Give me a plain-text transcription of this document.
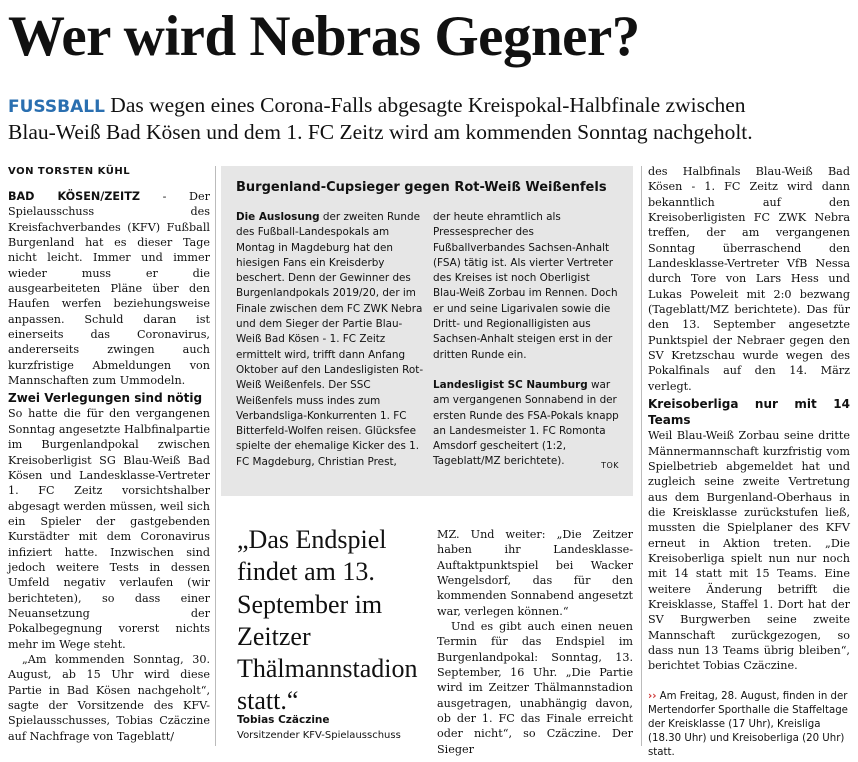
Wer wird Nebras Gegner?

FUSSBALL Das wegen eines Corona-Falls abgesagte Kreispokal-Halbfinale zwischen

Blau-Weiß Bad Kösen und dem 1. FC Zeitz wird am kommenden Sonntag nachgeholt.

VON TORSTEN KÜHL

BAD KÖSEN/ZEITZ - Der Spielausschuss des Kreisfachverbandes (KFV) Fußball Burgenland hat es dieser Tage nicht leicht. Immer und immer wieder muss er die ausgearbeiteten Pläne über den Haufen werfen beziehungsweise anpassen. Schuld daran ist einerseits das Coronavirus, andererseits zwingen auch kurzfristige Abmeldungen von Mannschaften zum Ummodeln.

Zwei Verlegungen sind nötig

So hatte die für den vergangenen Sonntag angesetzte Halbfinalpartie im Burgenlandpokal zwischen Kreisoberligist SG Blau-Weiß Bad Kösen und Landesklasse-Vertreter 1. FC Zeitz vorsichtshalber abgesagt werden müssen, weil sich ein Spieler der gastgebenden Kurstädter mit dem Coronavirus infiziert hatte. Inzwischen sind jedoch weitere Tests in dessen Umfeld negativ verlaufen (wir berichteten), so dass einer Neuansetzung der Pokalbegegnung vorerst nichts mehr im Wege steht.

„Am kommenden Sonntag, 30. August, ab 15 Uhr wird diese Partie in Bad Kösen nachgeholt“, sagte der Vorsitzende des KFV-Spielausschusses, Tobias Czäczine auf Nachfrage von Tageblatt/

Burgenland-Cupsieger gegen Rot-Weiß Weißenfels

Die Auslosung der zweiten Runde des Fußball-Landespokals am Montag in Magdeburg hat den hiesigen Fans ein Kreisderby beschert. Denn der Gewinner des Burgenlandpokals 2019/20, der im Finale zwischen dem FC ZWK Nebra und dem Sieger der Partie Blau-Weiß Bad Kösen - 1. FC Zeitz ermittelt wird, trifft dann Anfang Oktober auf den Landesligisten Rot-Weiß Weißenfels. Der SSC Weißenfels muss indes zum Verbandsliga-Konkurrenten 1. FC Bitterfeld-Wolfen reisen. Glücksfee spielte der ehemalige Kicker des 1. FC Magdeburg, Christian Prest,

der heute ehramtlich als Pressesprecher des Fußballverbandes Sachsen-Anhalt (FSA) tätig ist. Als vierter Vertreter des Kreises ist noch Oberligist Blau-Weiß Zorbau im Rennen. Doch er und seine Ligarivalen sowie die Dritt- und Regionalligisten aus Sachsen-Anhalt steigen erst in der dritten Runde ein.

Landesligist SC Naumburg war am vergangenen Sonnabend in der ersten Runde des FSA-Pokals knapp an Landesmeister 1. FC Romonta Amsdorf gescheitert (1:2, Tageblatt/MZ berichtete).	TOK

„Das Endspiel findet am 13. September im Zeitzer Thälmannstadion statt.“
Tobias Czäczine
Vorsitzender KFV-Spielausschuss

MZ. Und weiter: „Die Zeitzer haben ihr Landesklasse-Auftaktpunktspiel bei Wacker Wengelsdorf, das für den kommenden Sonnabend angesetzt war, verlegen können.“

Und es gibt auch einen neuen Termin für das Endspiel im Burgenlandpokal: Sonntag, 13. September, 16 Uhr. „Die Partie wird im Zeitzer Thälmannstadion ausgetragen, unabhängig davon, ob der 1. FC das Finale erreicht oder nicht“, so Czäczine. Der Sieger

des Halbfinals Blau-Weiß Bad Kösen - 1. FC Zeitz wird dann bekanntlich auf den Kreisoberligisten FC ZWK Nebra treffen, der am vergangenen Sonntag überraschend den Landesklasse-Vertreter VfB Nessa durch Tore von Lars Hess und Lukas Poweleit mit 2:0 bezwang (Tageblatt/MZ berichtete). Das für den 13. September angesetzte Punktspiel der Nebraer gegen den SV Kretzschau wurde wegen des Pokalfinals auf den 14. März verlegt.

Kreisoberliga nur mit 14 Teams

Weil Blau-Weiß Zorbau seine dritte Männermannschaft kurzfristig vom Spielbetrieb abgemeldet hat und zugleich seine zweite Vertretung aus dem Burgenland-Oberhaus in die Kreisklasse zurückstufen ließ, mussten die Spielplaner des KFV erneut in Aktion treten. „Die Kreisoberliga spielt nun nur noch mit 14 statt mit 15 Teams. Eine weitere Änderung betrifft die Kreisklasse, Staffel 1. Dort hat der SV Burgwerben seine zweite Mannschaft zurückgezogen, so dass nun 13 Teams übrig bleiben“, berichtet Tobias Czäczine.

›› Am Freitag, 28. August, finden in der Mertendorfer Sporthalle die Staffeltage der Kreisklasse (17 Uhr), Kreisliga (18.30 Uhr) und Kreisoberliga (20 Uhr) statt.
